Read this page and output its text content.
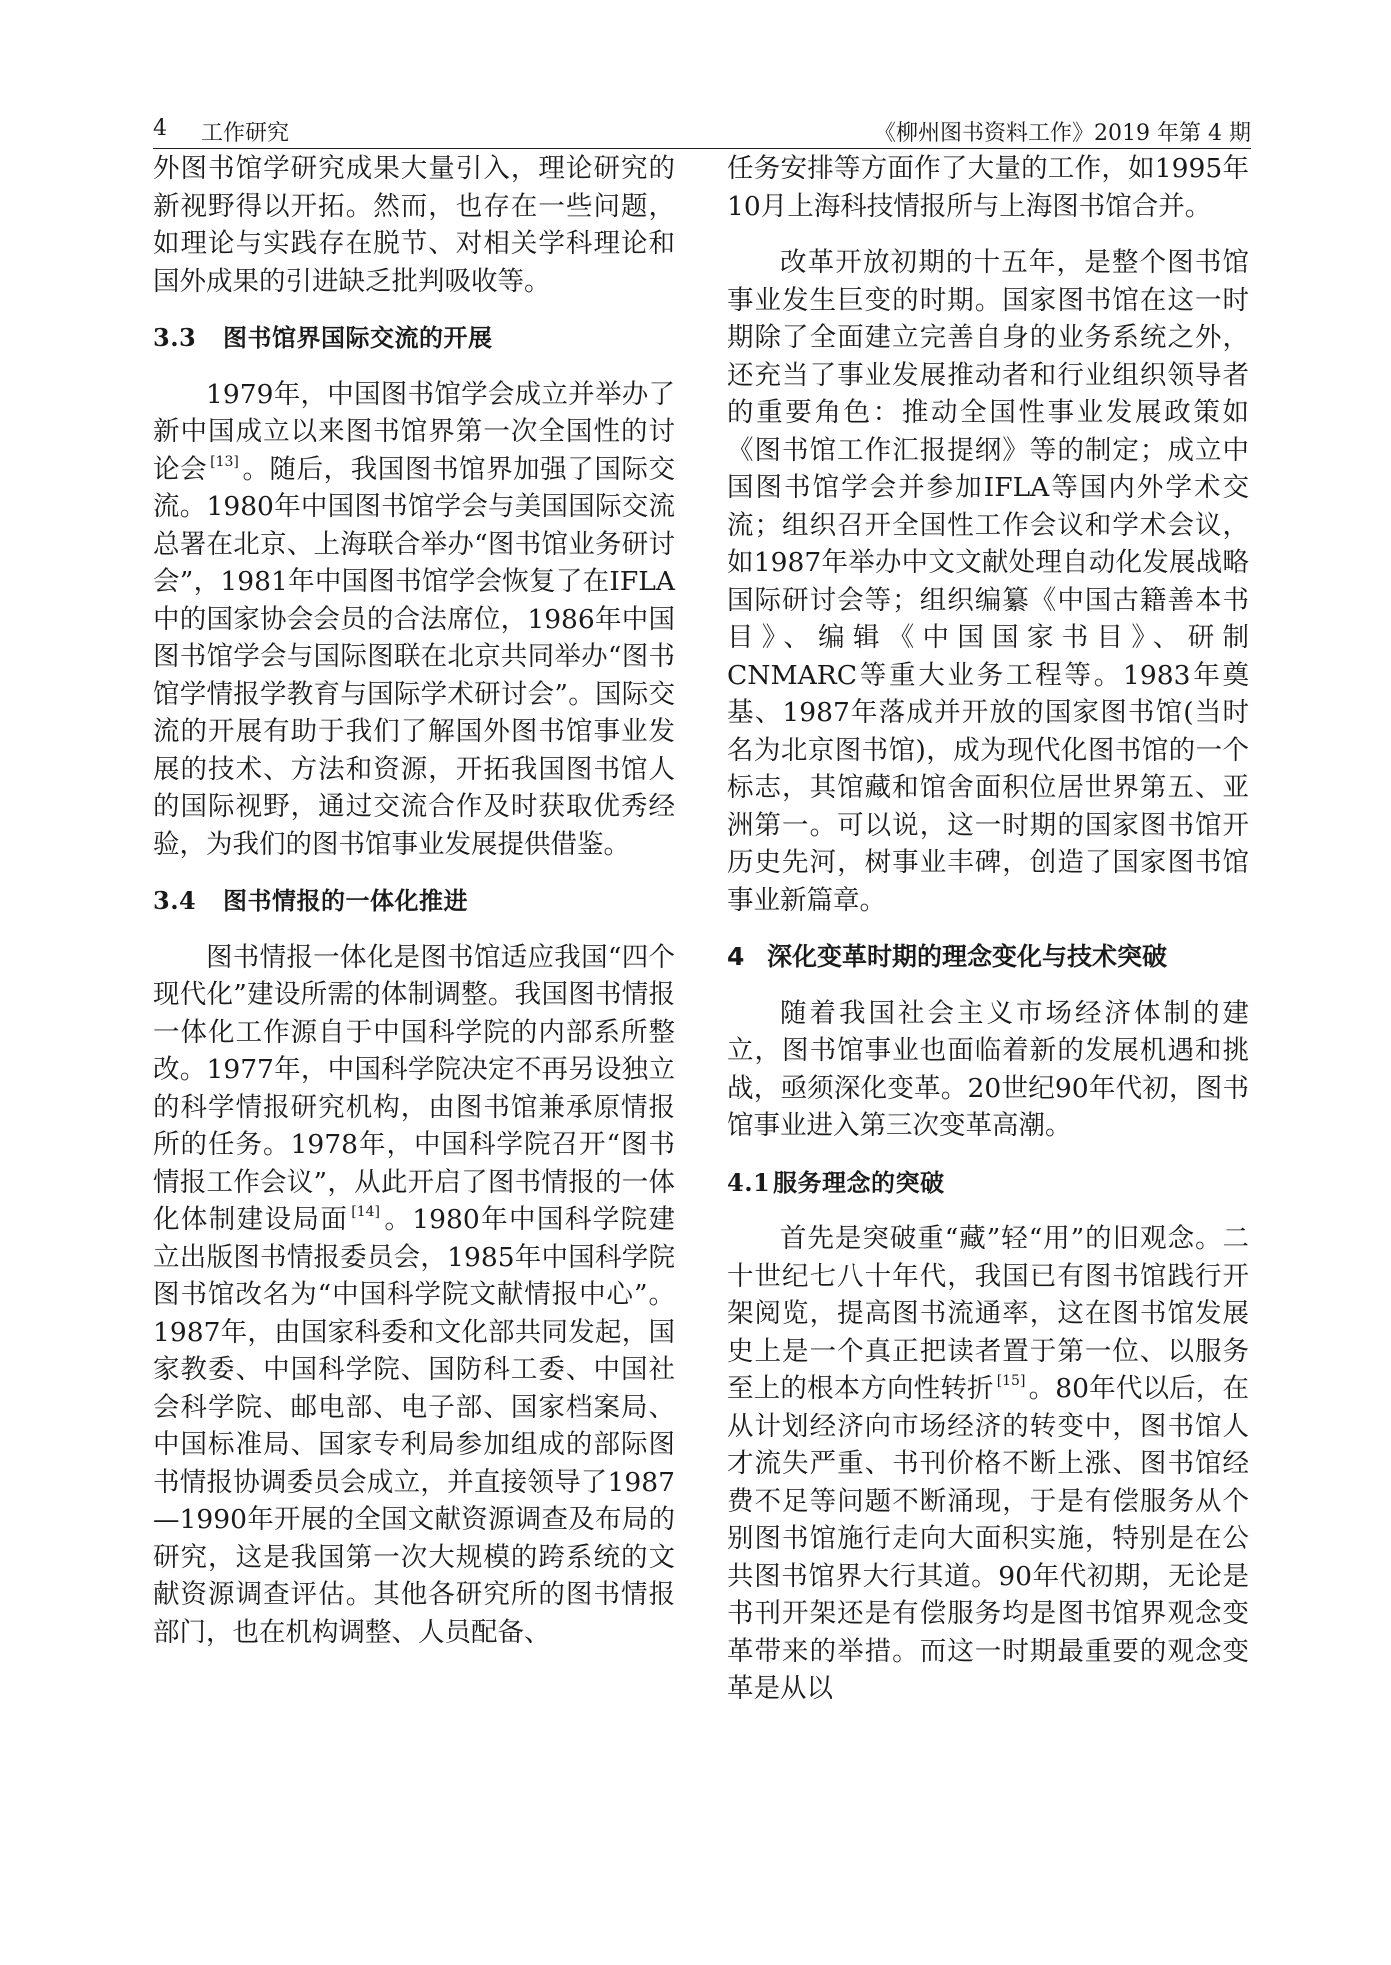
4 工作研究	《柳州图书资料工作》2019 年第 4 期

外图书馆学研究成果大量引入，理论研究的新视野得以开拓。然而，也存在一些问题，如理论与实践存在脱节、对相关学科理论和国外成果的引进缺乏批判吸收等。

3.3 图书馆界国际交流的开展

1979年，中国图书馆学会成立并举办了新中国成立以来图书馆界第一次全国性的讨论会 [13] 。随后，我国图书馆界加强了国际交流。1980年中国图书馆学会与美国国际交流总署在北京、上海联合举办“图书馆业务研讨会”，1981年中国图书馆学会恢复了在IFLA中的国家协会会员的合法席位，1986年中国图书馆学会与国际图联在北京共同举办“图书馆学情报学教育与国际学术研讨会”。国际交流的开展有助于我们了解国外图书馆事业发展的技术、方法和资源，开拓我国图书馆人的国际视野，通过交流合作及时获取优秀经验，为我们的图书馆事业发展提供借鉴。

3.4 图书情报的一体化推进

图书情报一体化是图书馆适应我国“四个现代化”建设所需的体制调整。我国图书情报一体化工作源自于中国科学院的内部系所整改。1977年，中国科学院决定不再另设独立的科学情报研究机构，由图书馆兼承原情报所的任务。1978年，中国科学院召开“图书情报工作会议”，从此开启了图书情报的一体化体制建设局面 [14] 。1980年中国科学院建立出版图书情报委员会，1985年中国科学院图书馆改名为“中国科学院文献情报中心”。1987年，由国家科委和文化部共同发起，国家教委、中国科学院、国防科工委、中国社会科学院、邮电部、电子部、国家档案局、中国标准局、国家专利局参加组成的部际图书情报协调委员会成立，并直接领导了1987—1990年开展的全国文献资源调查及布局的研究，这是我国第一次大规模的跨系统的文献资源调查评估。其他各研究所的图书情报部门，也在机构调整、人员配备、

任务安排等方面作了大量的工作，如1995年10月上海科技情报所与上海图书馆合并。

改革开放初期的十五年，是整个图书馆事业发生巨变的时期。国家图书馆在这一时期除了全面建立完善自身的业务系统之外，还充当了事业发展推动者和行业组织领导者的重要角色：推动全国性事业发展政策如《图书馆工作汇报提纲》等的制定；成立中国图书馆学会并参加IFLA等国内外学术交流；组织召开全国性工作会议和学术会议，如1987年举办中文文献处理自动化发展战略国际研讨会等；组织编纂《中国古籍善本书目》、编辑《中国国家书目》、研制CNMARC等重大业务工程等。1983年奠基、1987年落成并开放的国家图书馆(当时名为北京图书馆)，成为现代化图书馆的一个标志，其馆藏和馆舍面积位居世界第五、亚洲第一。可以说，这一时期的国家图书馆开历史先河，树事业丰碑，创造了国家图书馆事业新篇章。

4 深化变革时期的理念变化与技术突破

随着我国社会主义市场经济体制的建立，图书馆事业也面临着新的发展机遇和挑战，亟须深化变革。20世纪90年代初，图书馆事业进入第三次变革高潮。

4.1 服务理念的突破

首先是突破重“藏”轻“用”的旧观念。二十世纪七八十年代，我国已有图书馆践行开架阅览，提高图书流通率，这在图书馆发展史上是一个真正把读者置于第一位、以服务至上的根本方向性转折 [15] 。80年代以后，在从计划经济向市场经济的转变中，图书馆人才流失严重、书刊价格不断上涨、图书馆经费不足等问题不断涌现，于是有偿服务从个别图书馆施行走向大面积实施，特别是在公共图书馆界大行其道。90年代初期，无论是书刊开架还是有偿服务均是图书馆界观念变革带来的举措。而这一时期最重要的观念变革是从以
